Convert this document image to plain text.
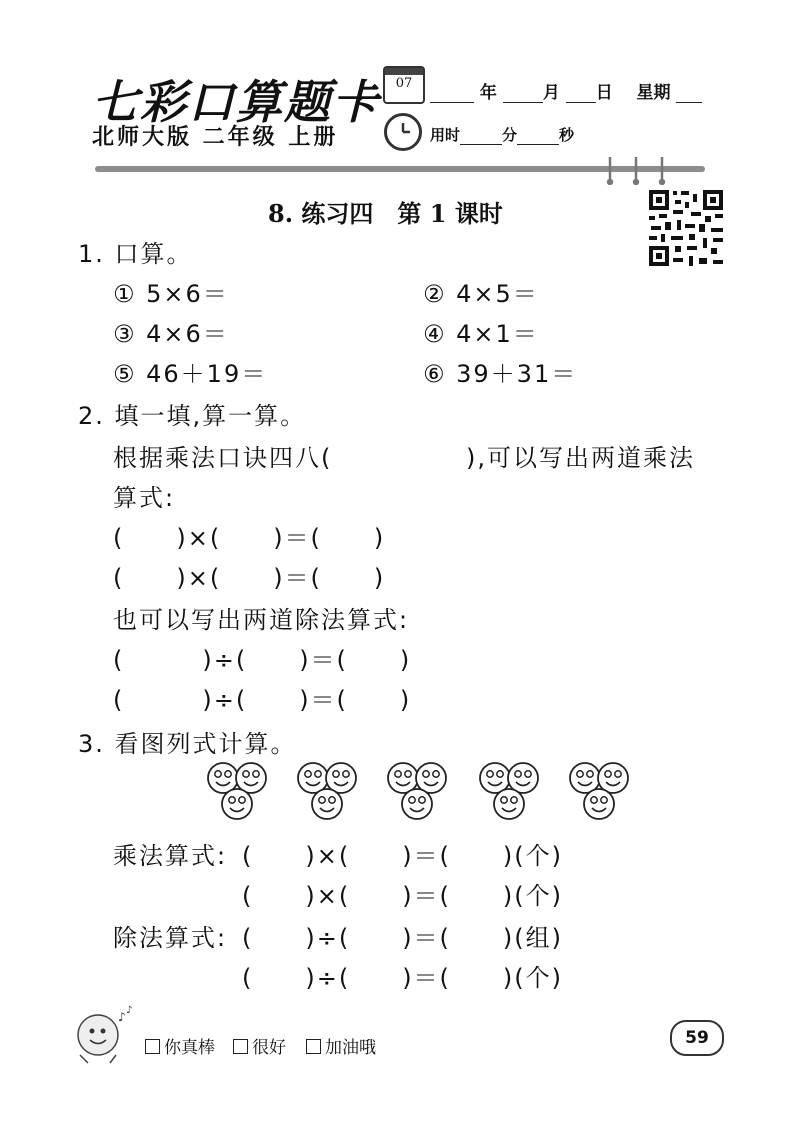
七彩口算题卡
北师大版 二年级 上册
07	年	月 日 星期
用时	分	秒
8. 练习四　第 1 课时
1. 口算。
① 5×6＝	② 4×5＝
③ 4×6＝	④ 4×1＝
⑤ 46＋19＝	⑥ 39＋31＝
2. 填一填,算一算。
根据乘法口诀四八(	),可以写出两道乘法
算式:
(　　)×(　　)＝(　　)
(　　)×(　　)＝(　　)
也可以写出两道除法算式:
(　　　)÷(　　)＝(　　)
(　　　)÷(　　)＝(　　)
3. 看图列式计算。
乘法算式: (　　)×(　　)＝(　　)(个)
(　　)×(　　)＝(　　)(个)
除法算式: (　　)÷(　　)＝(　　)(组)
(　　)÷(　　)＝(　　)(个)
♪ ♪
你真棒	很好	加油哦	59
